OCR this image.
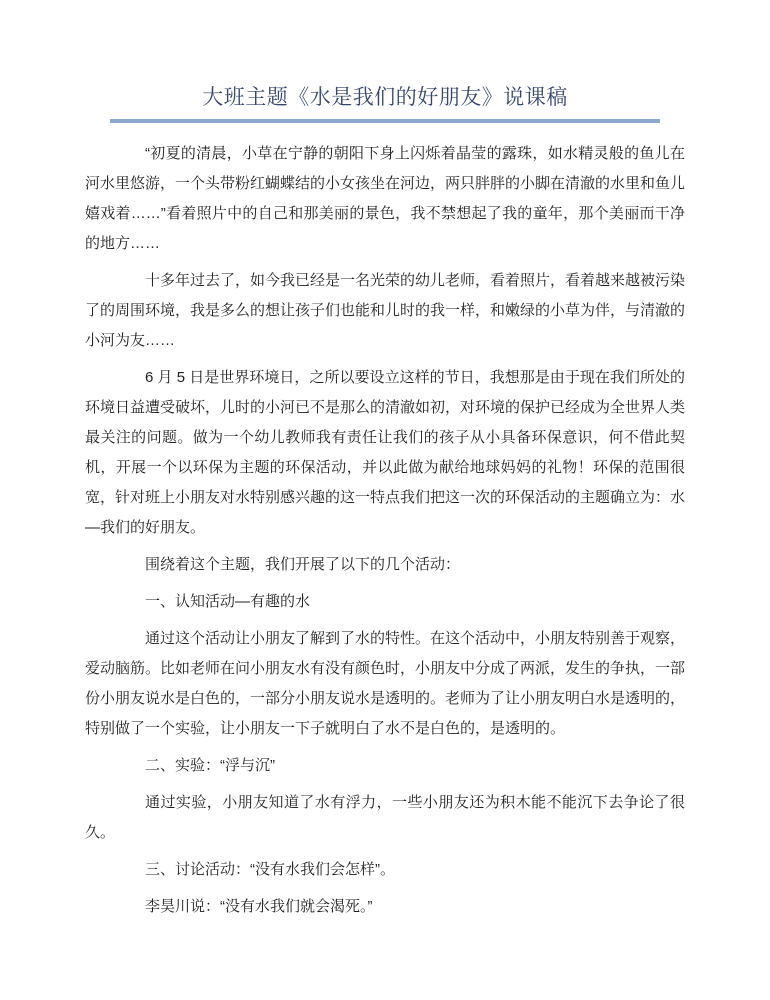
大班主题《水是我们的好朋友》说课稿

“初夏的清晨，小草在宁静的朝阳下身上闪烁着晶莹的露珠，如水精灵般的鱼儿在河水里悠游，一个头带粉红蝴蝶结的小女孩坐在河边，两只胖胖的小脚在清澈的水里和鱼儿嬉戏着……”看着照片中的自己和那美丽的景色，我不禁想起了我的童年，那个美丽而干净的地方……

十多年过去了，如今我已经是一名光荣的幼儿老师，看着照片，看着越来越被污染了的周围环境，我是多么的想让孩子们也能和儿时的我一样，和嫩绿的小草为伴，与清澈的小河为友……

6 月 5 日是世界环境日，之所以要设立这样的节日，我想那是由于现在我们所处的环境日益遭受破坏，儿时的小河已不是那么的清澈如初，对环境的保护已经成为全世界人类最关注的问题。做为一个幼儿教师我有责任让我们的孩子从小具备环保意识，何不借此契机，开展一个以环保为主题的环保活动，并以此做为献给地球妈妈的礼物！环保的范围很宽，针对班上小朋友对水特别感兴趣的这一特点我们把这一次的环保活动的主题确立为：水—我们的好朋友。

围绕着这个主题，我们开展了以下的几个活动：

一、认知活动—有趣的水

通过这个活动让小朋友了解到了水的特性。在这个活动中，小朋友特别善于观察，爱动脑筋。比如老师在问小朋友水有没有颜色时，小朋友中分成了两派，发生的争执，一部份小朋友说水是白色的，一部分小朋友说水是透明的。老师为了让小朋友明白水是透明的，特别做了一个实验，让小朋友一下子就明白了水不是白色的，是透明的。

二、实验：“浮与沉”

通过实验，小朋友知道了水有浮力，一些小朋友还为积木能不能沉下去争论了很久。

三、讨论活动：“没有水我们会怎样”。

李昊川说：“没有水我们就会渴死。”
